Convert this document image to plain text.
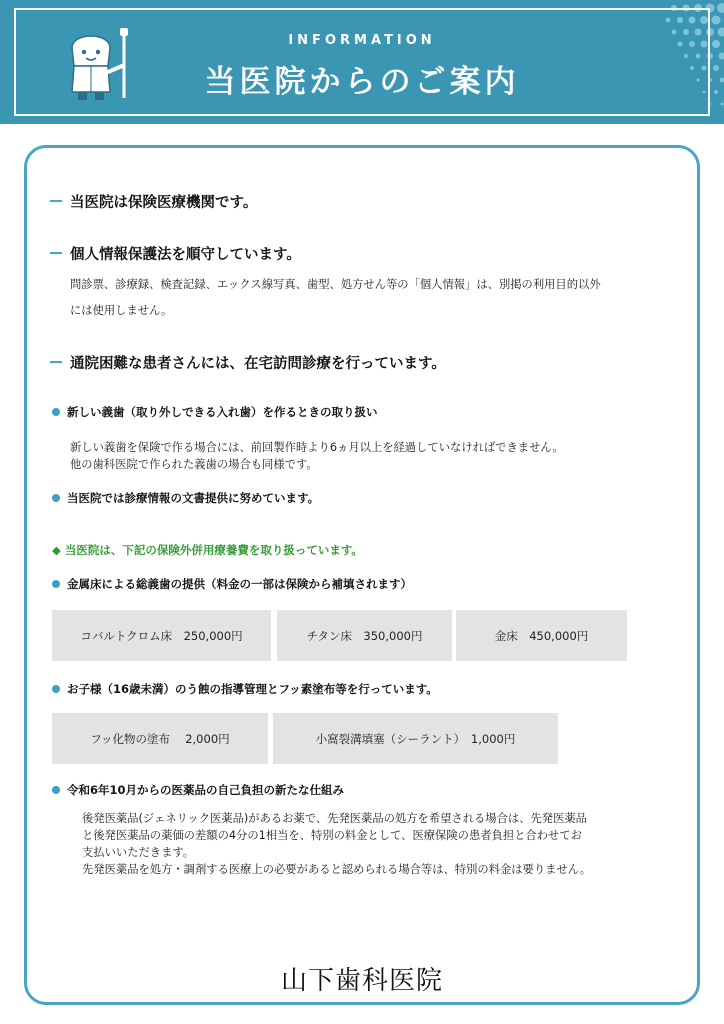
INFORMATION
当医院からのご案内
当医院は保険医療機関です。
個人情報保護法を順守しています。
問診票、診療録、検査記録、エックス線写真、歯型、処方せん等の「個人情報」は、別掲の利用目的以外
には使用しません。
通院困難な患者さんには、在宅訪問診療を行っています。
新しい義歯（取り外しできる入れ歯）を作るときの取り扱い
新しい義歯を保険で作る場合には、前回製作時より6ヵ月以上を経過していなければできません。
他の歯科医院で作られた義歯の場合も同様です。
当医院では診療情報の文書提供に努めています。
◆ 当医院は、下記の保険外併用療養費を取り扱っています。
金属床による総義歯の提供（料金の一部は保険から補填されます）
コバルトクロム床　250,000円	チタン床　350,000円	金床　450,000円
お子様（16歳未満）のう蝕の指導管理とフッ素塗布等を行っています。
フッ化物の塗布　 2,000円	小窩裂溝填塞（シーラント）　1,000円
令和6年10月からの医薬品の自己負担の新たな仕組み
後発医薬品(ジェネリック医薬品)があるお薬で、先発医薬品の処方を希望される場合は、先発医薬品
と後発医薬品の薬価の差額の4分の1相当を、特別の料金として、医療保険の患者負担と合わせてお
支払いいただきます。
先発医薬品を処方・調剤する医療上の必要があると認められる場合等は、特別の料金は要りません。
山下歯科医院
